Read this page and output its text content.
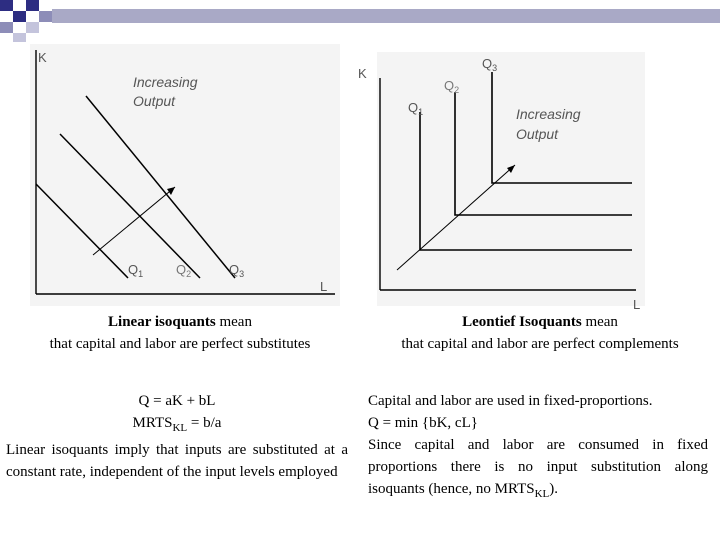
K
L
Increasing
Output
$Q_1$	$Q_2$	$Q_3$
K
L
Increasing
Output
$Q_1$
$Q_2$
$Q_3$
Linear isoquants mean
that capital and labor are perfect substitutes
Leontief Isoquants mean
that capital and labor are perfect complements
Q = aK + bL
$MRTS_{KL} = b/a$
Linear isoquants imply that inputs are substituted at a constant rate, independent of the input levels employed
Capital and labor are used in fixed-proportions.
Q = min {bK, cL}
Since capital and labor are consumed in fixed proportions there is no input substitution along isoquants (hence, no $MRTS_{KL}$).
